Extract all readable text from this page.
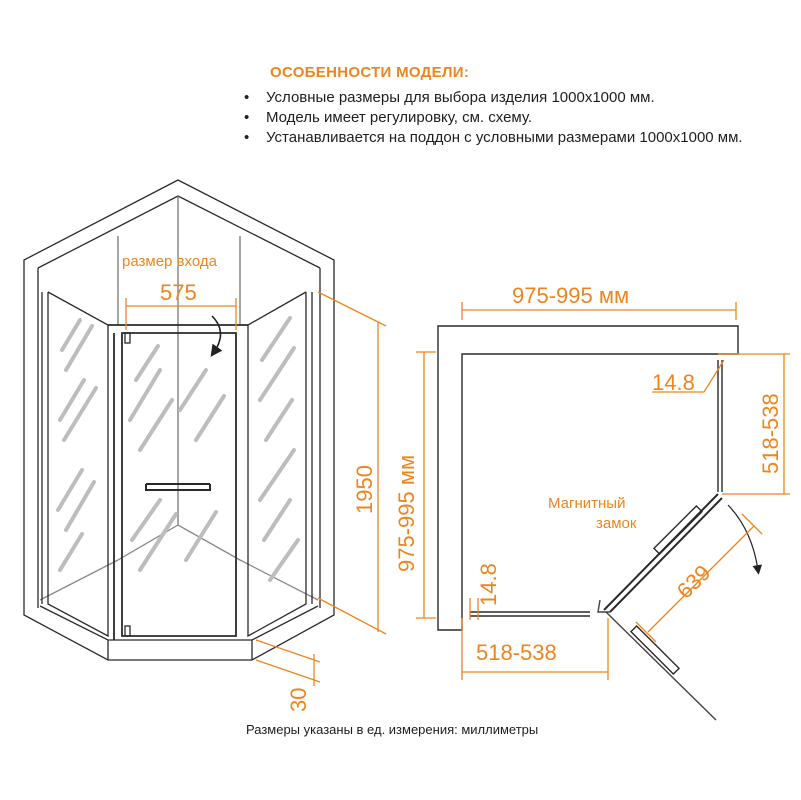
ОСОБЕННОСТИ МОДЕЛИ:
• Условные размеры для выбора изделия 1000х1000 мм.
• Модель имеет регулировку, см. схему.
• Устанавливается на поддон с условными размерами 1000х1000 мм.
размер входа
575
1950
30
975-995 мм
975-995 мм
14.8
518-538
Магнитный
замок
14.8	639
518-538

Размеры указаны в ед. измерения: миллиметры
